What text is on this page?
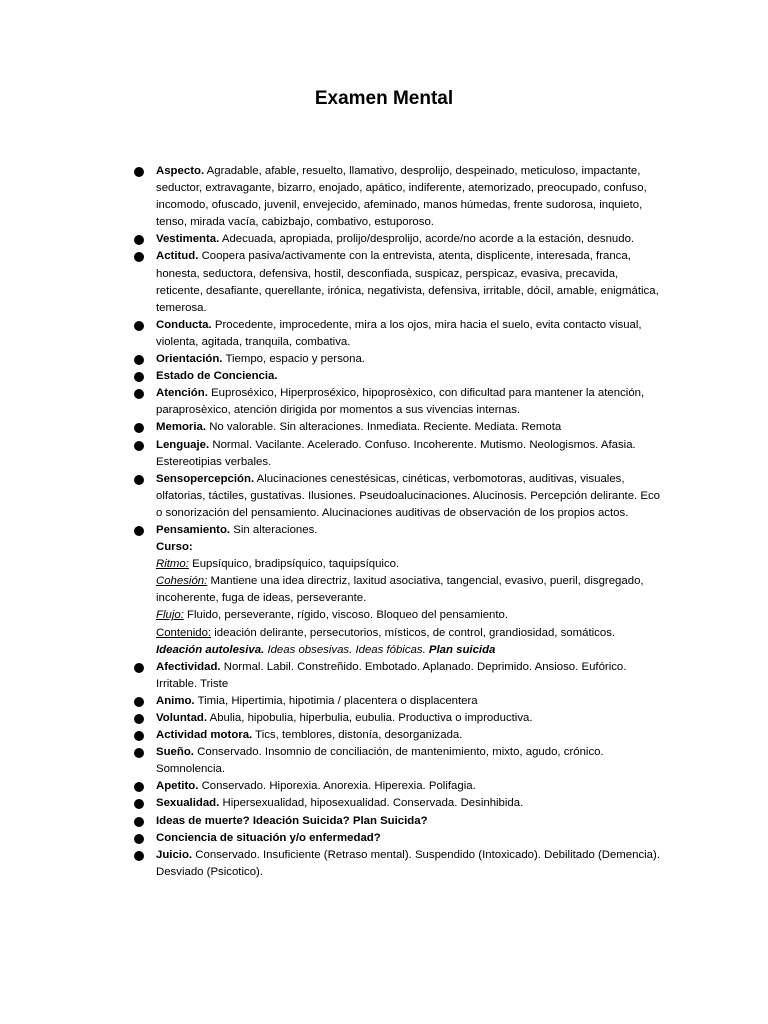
Examen Mental
Aspecto. Agradable, afable, resuelto, llamativo, desprolijo, despeinado, meticuloso, impactante, seductor, extravagante, bizarro, enojado, apático, indiferente, atemorizado, preocupado, confuso, incomodo, ofuscado, juvenil, envejecido, afeminado, manos húmedas, frente sudorosa, inquieto, tenso, mirada vacía, cabizbajo, combativo, estuporoso.
Vestimenta. Adecuada, apropiada, prolijo/desprolijo, acorde/no acorde a la estación, desnudo.
Actitud. Coopera pasiva/activamente con la entrevista, atenta, displicente, interesada, franca, honesta, seductora, defensiva, hostil, desconfiada, suspicaz, perspicaz, evasiva, precavida, reticente, desafiante, querellante, irónica, negativista, defensiva, irritable, dócil, amable, enigmática, temerosa.
Conducta. Procedente, improcedente, mira a los ojos, mira hacia el suelo, evita contacto visual, violenta, agitada, tranquila, combativa.
Orientación. Tiempo, espacio y persona.
Estado de Conciencia.
Atención. Euproséxico, Hiperproséxico, hipoprosèxico, con dificultad para mantener la atención, paraprosèxico, atención dirigida por momentos a sus vivencias internas.
Memoria. No valorable. Sin alteraciones. Inmediata. Reciente. Mediata. Remota
Lenguaje. Normal. Vacilante. Acelerado. Confuso. Incoherente. Mutismo. Neologismos. Afasia. Estereotipias verbales.
Sensopercepción. Alucinaciones cenestésicas, cinéticas, verbomotoras, auditivas, visuales, olfatorias, táctiles, gustativas. Ilusiones. Pseudoalucinaciones. Alucinosis. Percepción delirante. Eco o sonorización del pensamiento. Alucinaciones auditivas de observación de los propios actos.
Pensamiento. Sin alteraciones.
Curso:
Ritmo: Eupsíquico, bradipsíquico, taquipsíquico.
Cohesión: Mantiene una idea directriz, laxitud asociativa, tangencial, evasivo, pueril, disgregado, incoherente, fuga de ideas, perseverante.
Flujo: Fluido, perseverante, rígido, viscoso. Bloqueo del pensamiento.
Contenido: ideación delirante, persecutorios, místicos, de control, grandiosidad, somáticos.
Ideación autolesiva. Ideas obsesivas. Ideas fóbicas. Plan suicida
Afectividad. Normal. Labil. Constreñido. Embotado. Aplanado. Deprimido. Ansioso. Eufórico. Irritable. Triste
Animo. Timia, Hipertimia, hipotimia / placentera o displacentera
Voluntad. Abulia, hipobulia, hiperbulia, eubulia. Productiva o improductiva.
Actividad motora. Tics, temblores, distonía, desorganizada.
Sueño. Conservado. Insomnio de conciliación, de mantenimiento, mixto, agudo, crónico. Somnolencia.
Apetito. Conservado. Hiporexia. Anorexia. Hiperexia. Polifagia.
Sexualidad. Hipersexualidad, hiposexualidad. Conservada. Desinhibida.
Ideas de muerte? Ideación Suicida? Plan Suicida?
Conciencia de situación y/o enfermedad?
Juicio. Conservado. Insuficiente (Retraso mental). Suspendido (Intoxicado). Debilitado (Demencia). Desviado (Psicotico).
